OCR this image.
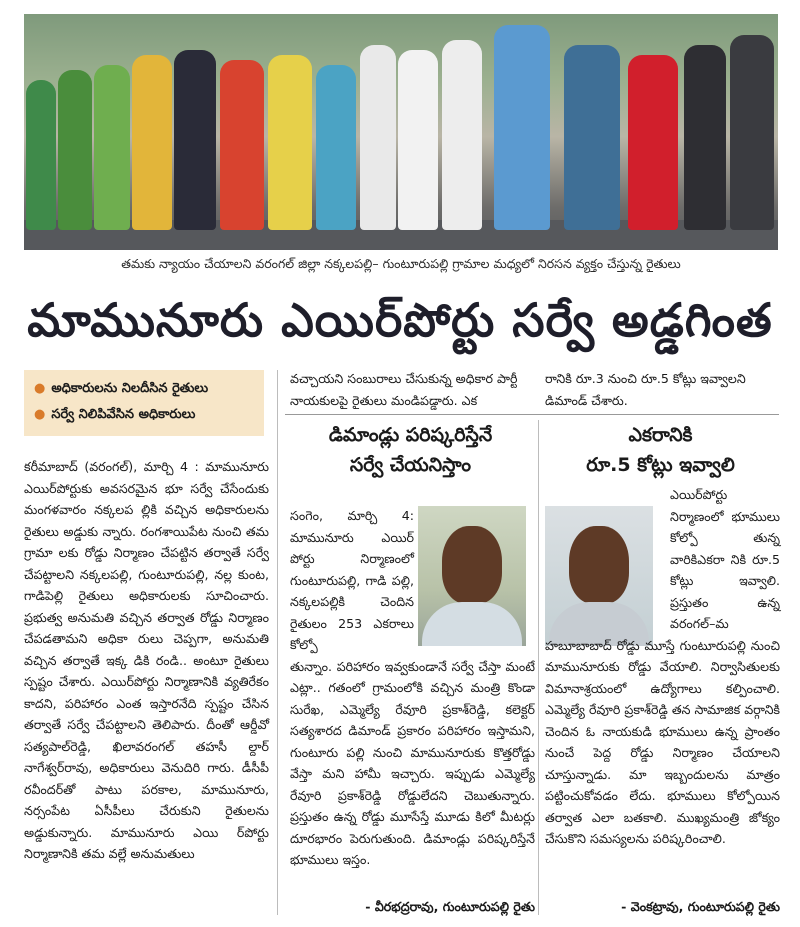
తమకు న్యాయం చేయాలని వరంగల్ జిల్లా నక్కలపల్లి– గుంటూరుపల్లి గ్రామాల మధ్యలో నిరసన వ్యక్తం చేస్తున్న రైతులు
మామునూరు ఎయిర్‌పోర్టు సర్వే అడ్డగింత
● అధికారులను నిలదీసిన రైతులు
● సర్వే నిలిపివేసిన అధికారులు
కరీమాబాద్ (వరంగల్), మార్చి 4 : మామునూరు ఎయిర్‌పోర్టుకు అవసరమైన భూ సర్వే చేసేందుకు మంగళవారం నక్కలప ల్లికి వచ్చిన అధికారులను రైతులు అడ్డుకు న్నారు. రంగశాయిపేట నుంచి తమ గ్రామా లకు రోడ్డు నిర్మాణం చేపట్టిన తర్వాతే సర్వే చేపట్టాలని నక్కలపల్లి, గుంటూరుపల్లి, నల్ల కుంట, గాడిపెల్లి రైతులు అధికారులకు సూచించారు. ప్రభుత్వ అనుమతి వచ్చిన తర్వాత రోడ్డు నిర్మాణం చేపడతామని అధికా రులు చెప్పగా, అనుమతి వచ్చిన తర్వాతే ఇక్క డికి రండి.. అంటూ రైతులు స్పష్టం చేశారు. ఎయిర్‌పోర్టు నిర్మాణానికి వ్యతిరేకం కాదని, పరిహారం ఎంత ఇస్తారనేది స్పష్టం చేసిన తర్వాతే సర్వే చేపట్టాలని తెలిపారు. దీంతో ఆర్డీవో సత్యపాల్‌రెడ్డి, ఖిలావరంగల్ తహసీ ల్దార్ నాగేశ్వర్‌రావు, అధికారులు వెనుదిరి గారు. డీసీపీ రవీందర్‌తో పాటు పరకాల, మామునూరు, నర్సంపేట ఏసీపీలు చేరుకుని రైతులను అడ్డుకున్నారు. మామునూరు ఎయి ర్‌పోర్టు నిర్మాణానికి తమ వల్లే అనుమతులు
వచ్చాయని సంబురాలు చేసుకున్న అధికార పార్టీ నాయకులపై రైతులు మండిపడ్డారు. ఎక
రానికి రూ.3 నుంచి రూ.5 కోట్లు ఇవ్వాలని డిమాండ్ చేశారు.
డిమాండ్లు పరిష్కరిస్తేనే
సర్వే చేయనిస్తాం
ఎకరానికి
రూ.5 కోట్లు ఇవ్వాలి
సంగెం, మార్చి 4: మామునూరు ఎయిర్ పోర్టు నిర్మాణంలో గుంటూరుపల్లి, గాడి పల్లి, నక్కలపల్లికి చెందిన రైతులం 253 ఎకరాలు కోల్పో
తున్నాం. పరిహారం ఇవ్వకుండానే సర్వే చేస్తా మంటే ఎట్లా.. గతంలో గ్రామంలోకి వచ్చిన మంత్రి కొండా సురేఖ, ఎమ్మెల్యే రేవూరి ప్రకాశ్‌రెడ్డి, కలెక్టర్ సత్యశారద డిమాండ్ ప్రకారం పరిహారం ఇస్తామని, గుంటూరు పల్లి నుంచి మామునూరుకు కొత్తరోడ్డు వేస్తా మని హామీ ఇచ్చారు. ఇప్పుడు ఎమ్మెల్యే రేవూరి ప్రకాశ్‌రెడ్డి రోడ్డులేదని చెబుతున్నారు. ప్రస్తుతం ఉన్న రోడ్డు మూసేస్తే మూడు కిలో మీటర్లు దూరభారం పెరుగుతుంది. డిమాండ్లు పరిష్కరిస్తేనే భూములు ఇస్తం.
ఎయిర్‌పోర్టు నిర్మాణంలో భూములు కోల్పో తున్న వారికిఎకరా నికి రూ.5 కోట్లు ఇవ్వాలి. ప్రస్తుతం ఉన్న వరంగల్–మ
హబూబాబాద్ రోడ్డు మూస్తే గుంటూరుపల్లి నుంచి మామునూరుకు రోడ్డు వేయాలి. నిర్వాసితులకు విమానాశ్రయంలో ఉద్యోగాలు కల్పించాలి. ఎమ్మెల్యే రేవూరి ప్రకాశ్‌రెడ్డి తన సామాజిక వర్గానికి చెందిన ఓ నాయకుడి భూములు ఉన్న ప్రాంతం నుంచే పెద్ద రోడ్డు నిర్మాణం చేయాలని చూస్తున్నాడు. మా ఇబ్బందులను మాత్రం పట్టించుకోవడం లేదు. భూములు కోల్పోయిన తర్వాత ఎలా బతకాలి. ముఖ్యమంత్రి జోక్యం చేసుకొని సమస్యలను పరిష్కరించాలి.
- వీరభద్రరావు, గుంటూరుపల్లి రైతు	- వెంకట్రావు, గుంటూరుపల్లి రైతు
